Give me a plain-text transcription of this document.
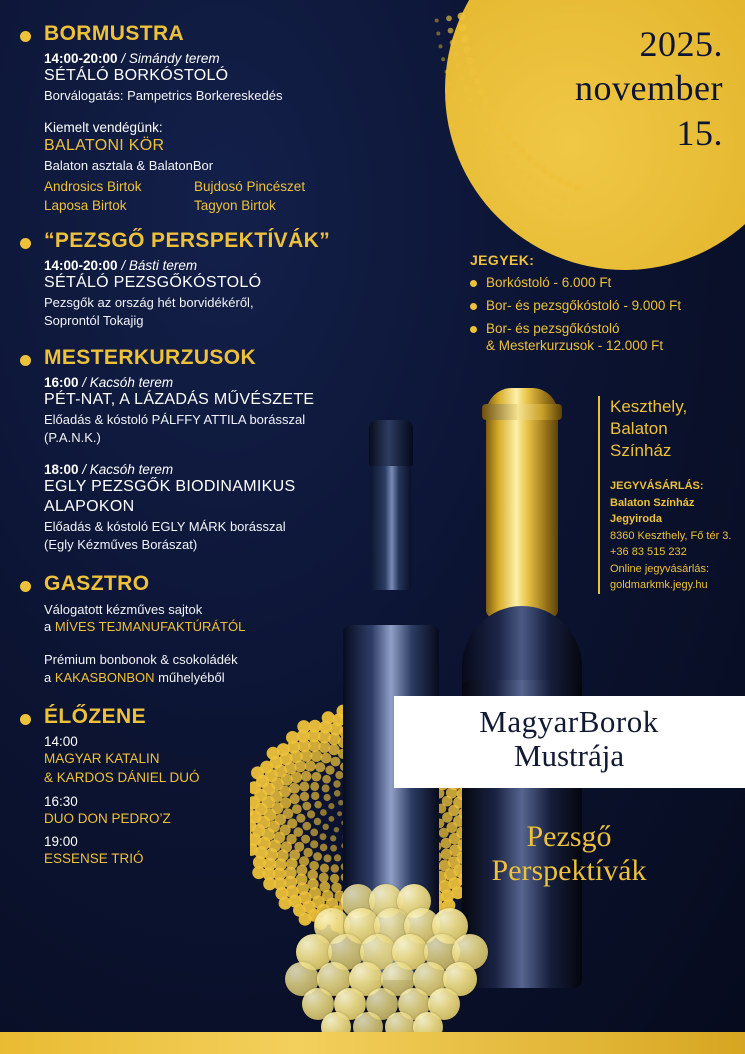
2025.
november
15.
BORMUSTRA
14:00-20:00 / Simándy terem
SÉTÁLÓ BORKÓSTOLÓ
Borválogatás: Pampetrics Borkereskedés
Kiemelt vendégünk:
BALATONI KÖR
Balaton asztala & BalatonBor
Androsics Birtok	Bujdosó Pincészet
Laposa Birtok	Tagyon Birtok
“PEZSGŐ PERSPEKTÍVÁK”
14:00-20:00 / Básti terem
SÉTÁLÓ PEZSGŐKÓSTOLÓ
Pezsgők az ország hét borvidékéről,
Soprontól Tokajig
MESTERKURZUSOK
16:00 / Kacsóh terem
PÉT-NAT, A LÁZADÁS MŰVÉSZETE
Előadás & kóstoló PÁLFFY ATTILA borásszal
(P.A.N.K.)
18:00 / Kacsóh terem
EGLY PEZSGŐK BIODINAMIKUS
ALAPOKON
Előadás & kóstoló EGLY MÁRK borásszal
(Egly Kézműves Borászat)
GASZTRO
Válogatott kézműves sajtok
a MÍVES TEJMANUFAKTÚRÁTÓL
Prémium bonbonok & csokoládék
a KAKASBONBON műhelyéből
ÉLŐZENE
14:00
MAGYAR KATALIN
& KARDOS DÁNIEL DUÓ
16:30
DUO DON PEDRO’Z
19:00
ESSENSE TRIÓ
JEGYEK:
Borkóstoló - 6.000 Ft
Bor- és pezsgőkóstoló - 9.000 Ft
Bor- és pezsgőkóstoló
& Mesterkurzusok - 12.000 Ft
Keszthely,
Balaton
Színház
JEGYVÁSÁRLÁS:
Balaton Színház
Jegyiroda
8360 Keszthely, Fő tér 3.
+36 83 515 232
Online jegyvásárlás:
goldmarkmk.jegy.hu
MagyarBorok
Mustrája
Pezsgő
Perspektívák
